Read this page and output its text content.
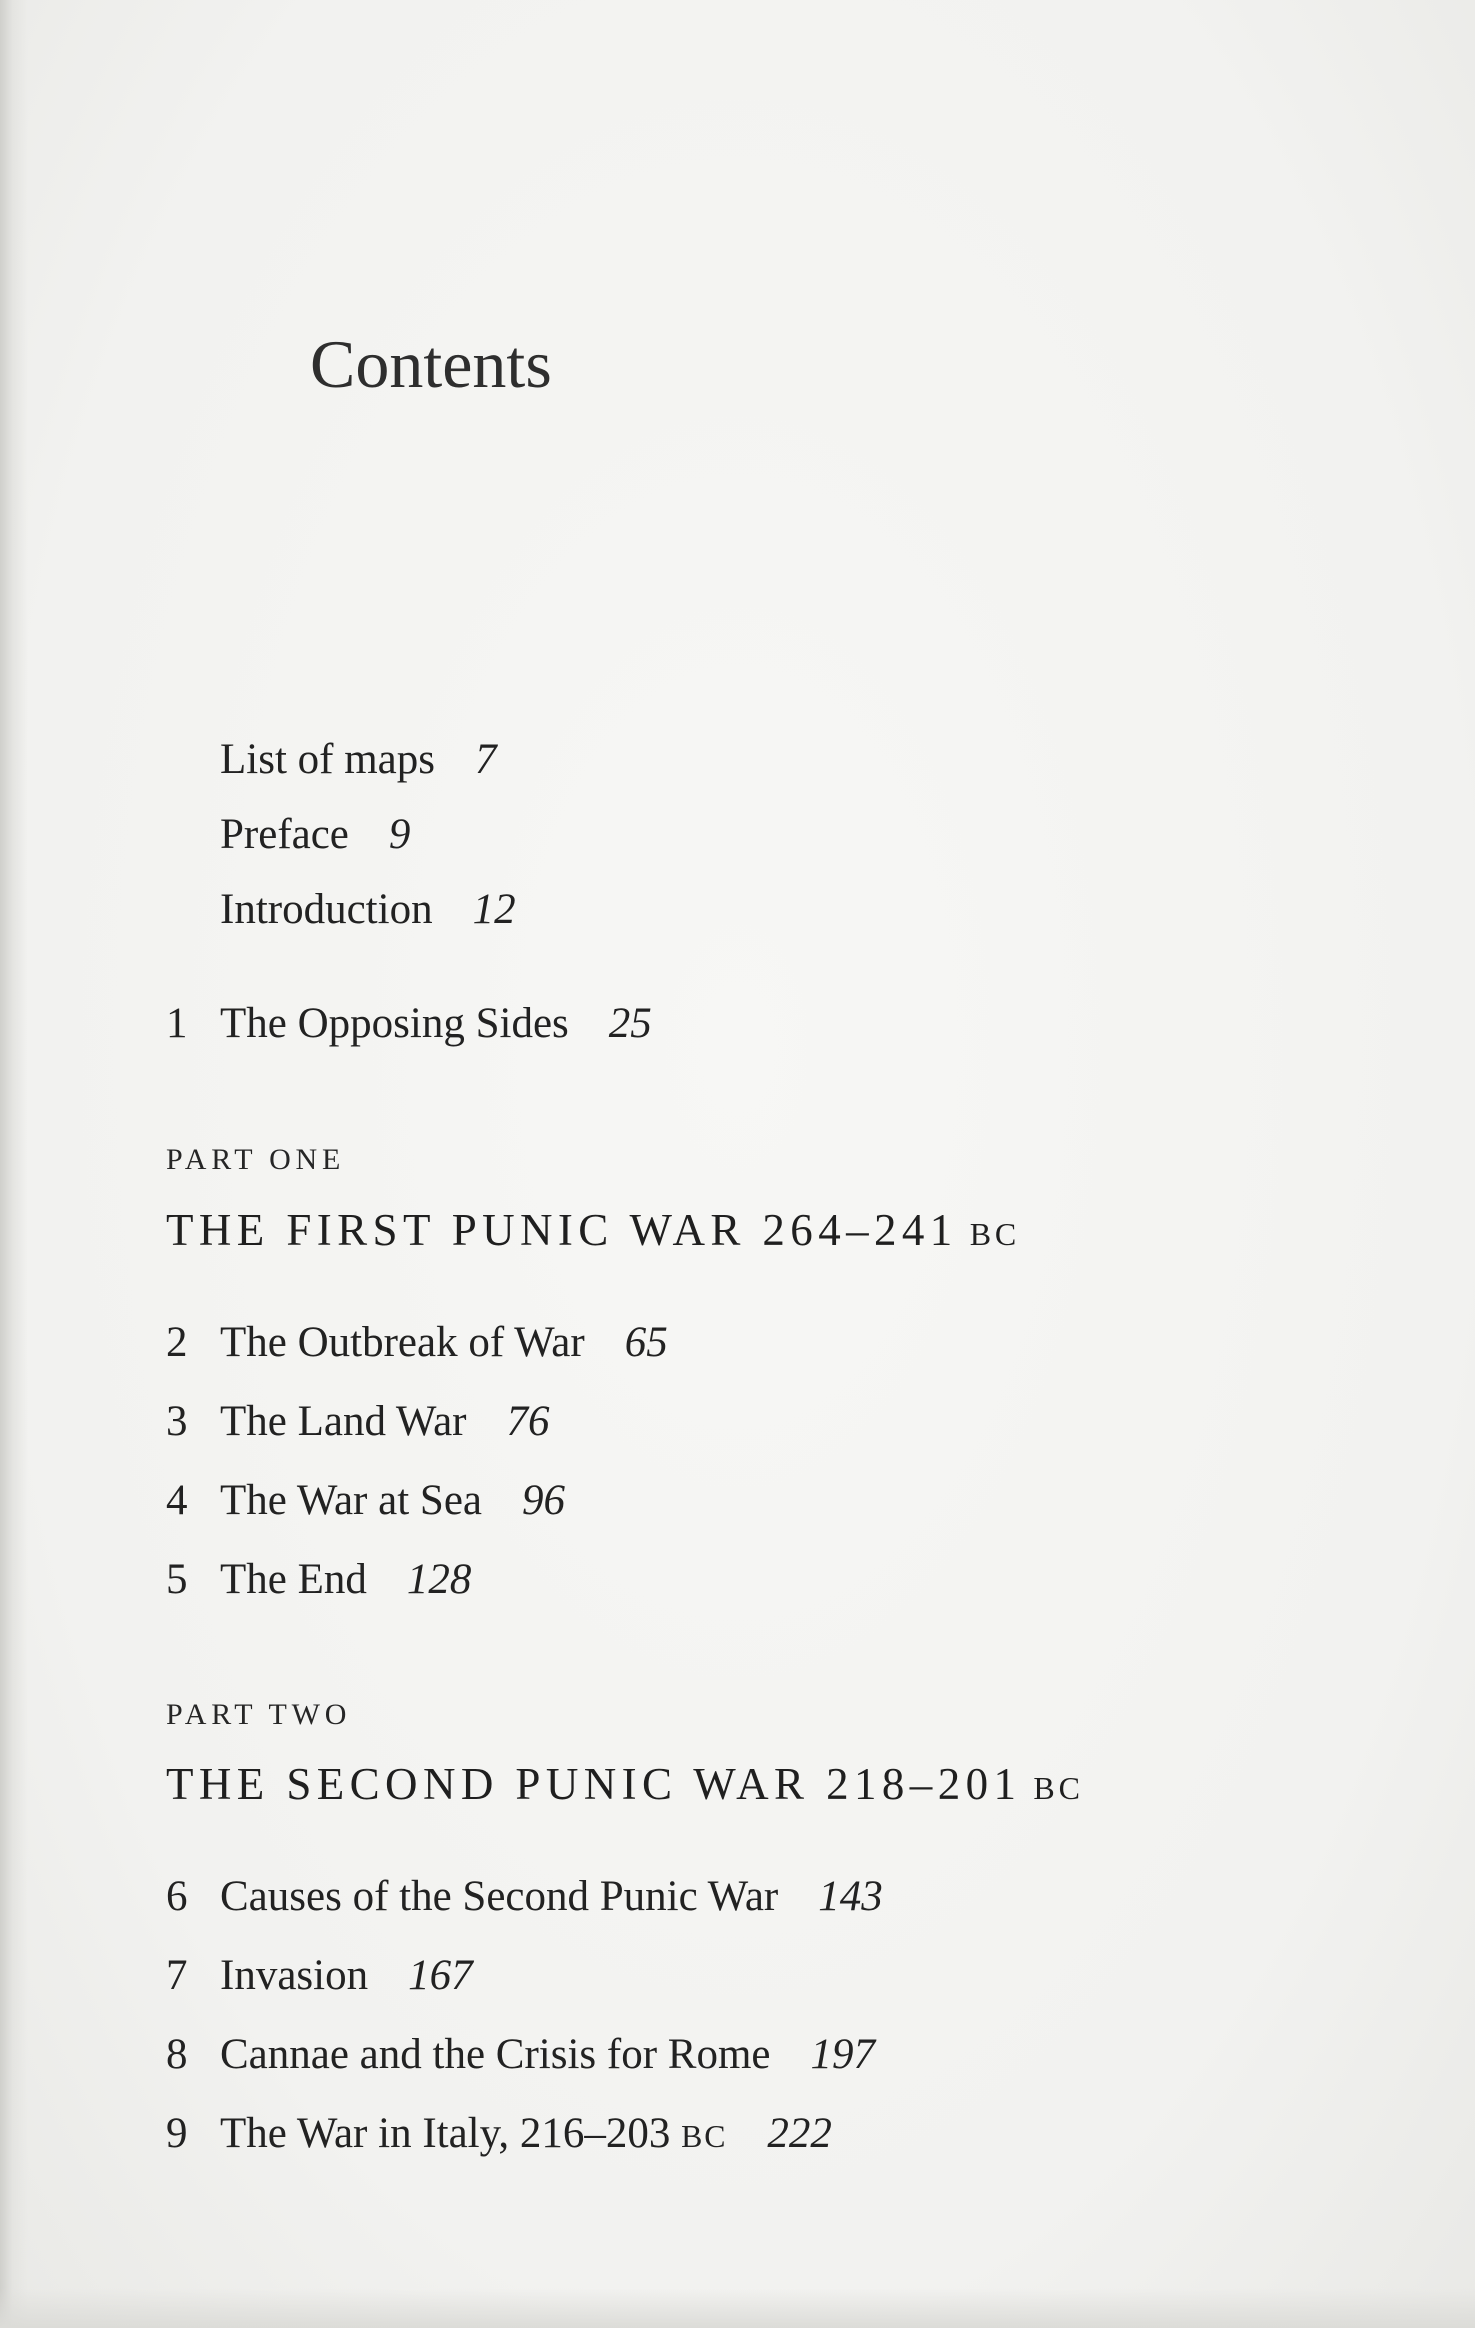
Contents
List of maps 7
Preface 9
Introduction 12
1 The Opposing Sides 25
PART ONE
THE FIRST PUNIC WAR 264–241 BC
2 The Outbreak of War 65
3 The Land War 76
4 The War at Sea 96
5 The End 128
PART TWO
THE SECOND PUNIC WAR 218–201 BC
6 Causes of the Second Punic War 143
7 Invasion 167
8 Cannae and the Crisis for Rome 197
9 The War in Italy, 216–203 BC 222
